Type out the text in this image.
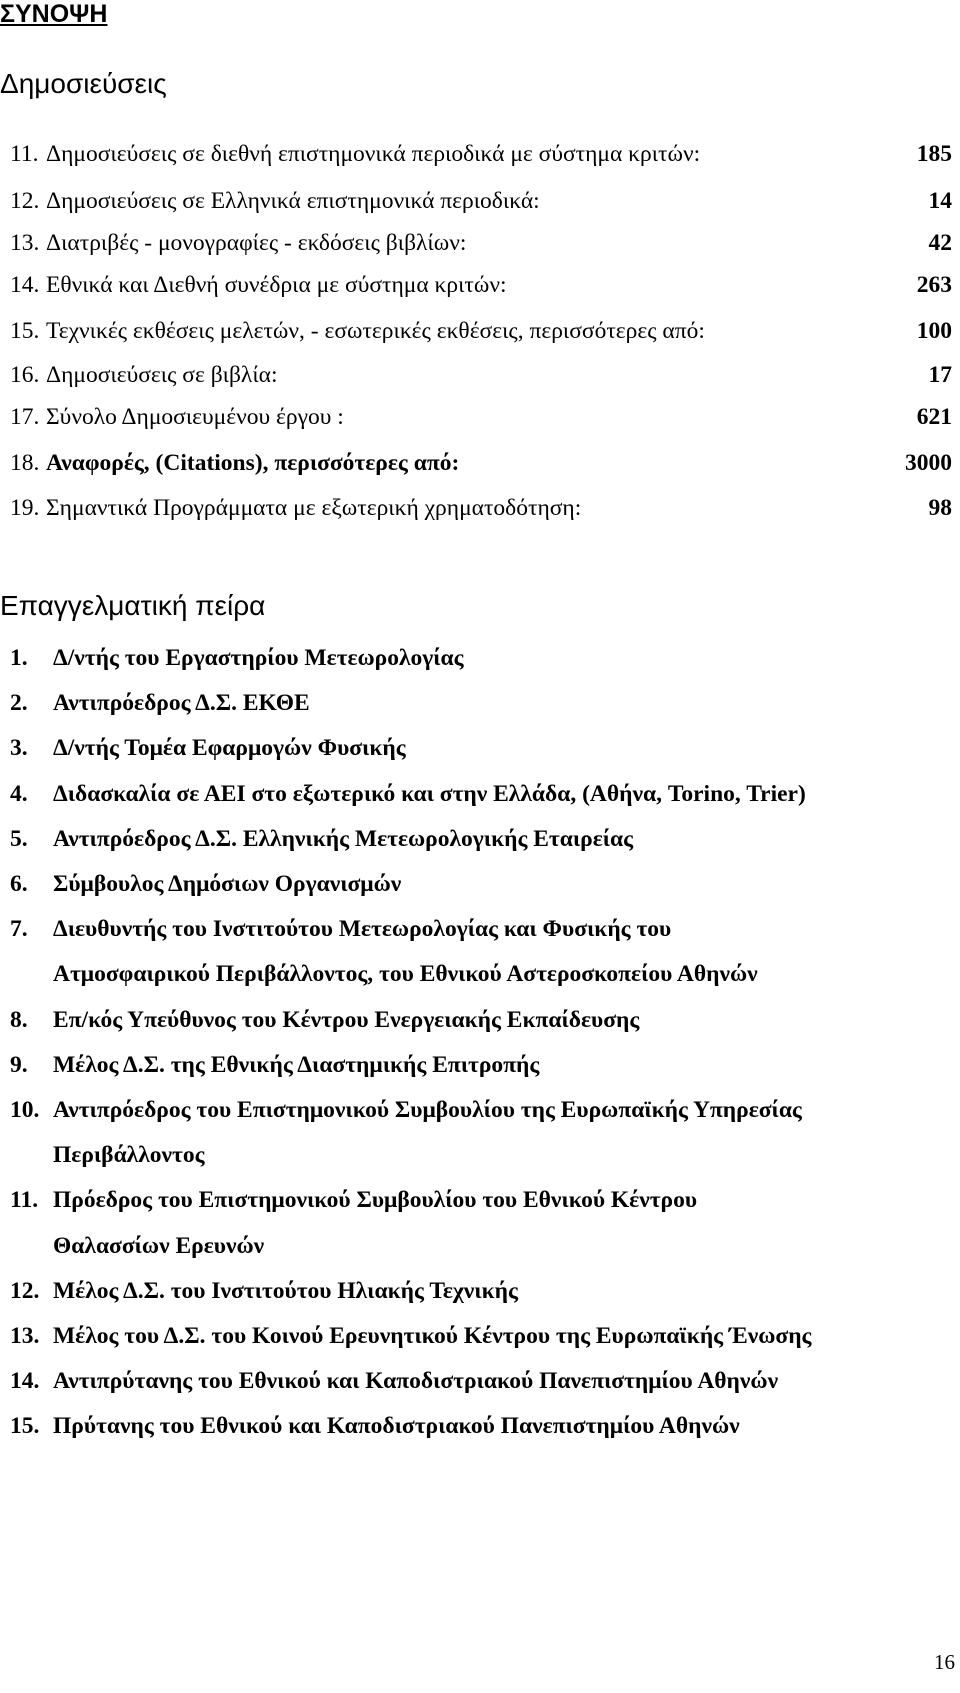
ΣΥΝΟΨΗ
Δημοσιεύσεις
11. Δημοσιεύσεις σε διεθνή επιστημονικά περιοδικά με σύστημα κριτών:	185
12. Δημοσιεύσεις σε Ελληνικά επιστημονικά περιοδικά:	14
13. Διατριβές - μονογραφίες - εκδόσεις βιβλίων:	42
14. Εθνικά και Διεθνή συνέδρια με σύστημα κριτών:	263
15. Τεχνικές εκθέσεις μελετών, - εσωτερικές εκθέσεις, περισσότερες από:	100
16. Δημοσιεύσεις σε βιβλία:	17
17. Σύνολο Δημοσιευμένου έργου :	621
18. Αναφορές, (Citations), περισσότερες από:	3000
19. Σημαντικά Προγράμματα με εξωτερική χρηματοδότηση:	98
Επαγγελματική πείρα
1. Δ/ντής του Εργαστηρίου Μετεωρολογίας
2. Αντιπρόεδρος Δ.Σ. ΕΚΘΕ
3. Δ/ντής Τομέα Εφαρμογών Φυσικής
4. Διδασκαλία σε ΑΕΙ στο εξωτερικό και στην Ελλάδα, (Αθήνα, Torino, Trier)
5. Αντιπρόεδρος Δ.Σ. Ελληνικής Μετεωρολογικής Εταιρείας
6. Σύμβουλος Δημόσιων Οργανισμών
7. Διευθυντής του Ινστιτούτου Μετεωρολογίας και Φυσικής του
Ατμοσφαιρικού Περιβάλλοντος, του Εθνικού Αστεροσκοπείου Αθηνών
8. Επ/κός Υπεύθυνος του Κέντρου Ενεργειακής Εκπαίδευσης
9. Μέλος Δ.Σ. της Εθνικής Διαστημικής Επιτροπής
10. Αντιπρόεδρος του Επιστημονικού Συμβουλίου της Ευρωπαϊκής Υπηρεσίας
Περιβάλλοντος
11. Πρόεδρος του Επιστημονικού Συμβουλίου του Εθνικού Κέντρου
Θαλασσίων Ερευνών
12. Μέλος Δ.Σ. του Ινστιτούτου Ηλιακής Τεχνικής
13. Μέλος του Δ.Σ. του Κοινού Ερευνητικού Κέντρου της Ευρωπαϊκής Ένωσης
14. Αντιπρύτανης του Εθνικού και Καποδιστριακού Πανεπιστημίου Αθηνών
15. Πρύτανης του Εθνικού και Καποδιστριακού Πανεπιστημίου Αθηνών
16
